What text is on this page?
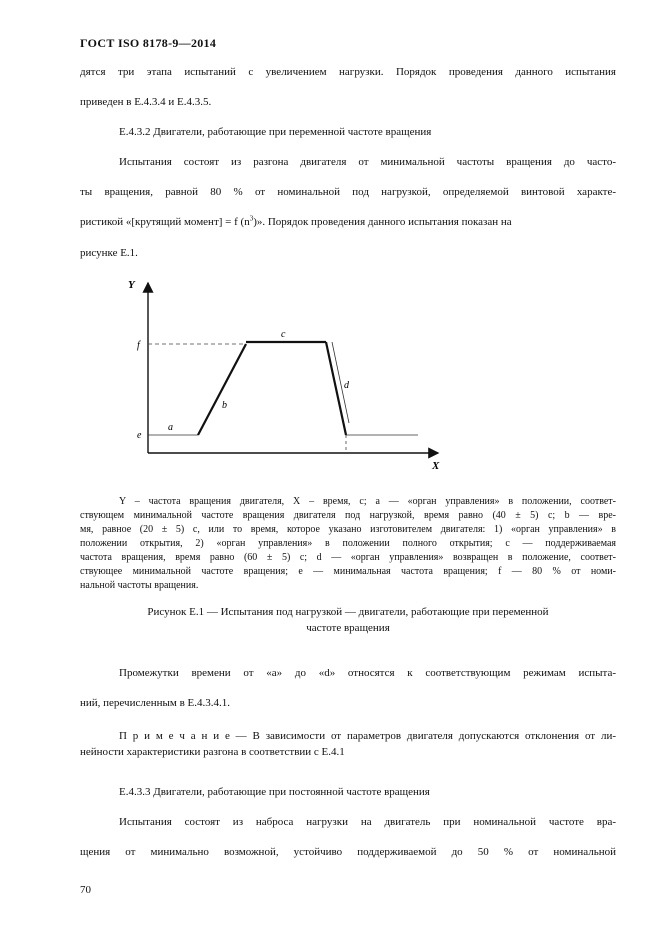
ГОСТ ISO 8178-9—2014
дятся три этапа испытаний с увеличением нагрузки. Порядок проведения данного испытания
приведен в Е.4.3.4 и Е.4.3.5.
Е.4.3.2 Двигатели, работающие при переменной частоте вращения
Испытания состоят из разгона двигателя от минимальной частоты вращения до часто-
ты вращения, равной 80 % от номинальной под нагрузкой, определяемой винтовой характе-
ристикой «[крутящий момент] = f $(n^3)$». Порядок проведения данного испытания показан на
рисунке Е.1.
Y
X
f
e
a
b
c
d
Y – частота вращения двигателя, X – время, с; a — «орган управления» в положении, соответ-
ствующем минимальной частоте вращения двигателя под нагрузкой, время равно (40 ± 5) с; b — вре-
мя, равное (20 ± 5) с, или то время, которое указано изготовителем двигателя: 1) «орган управления» в
положении открытия, 2) «орган управления» в положении полного открытия; c — поддерживаемая
частота вращения, время равно (60 ± 5) с; d — «орган управления» возвращен в положение, соответ-
ствующее минимальной частоте вращения; e — минимальная частота вращения; f — 80 % от номи-
нальной частоты вращения.
Рисунок Е.1 — Испытания под нагрузкой — двигатели, работающие при переменной
частоте вращения
Промежутки времени от «a» до «d» относятся к соответствующим режимам испыта-
ний, перечисленным в Е.4.3.4.1.
П р и м е ч а н и е — В зависимости от параметров двигателя допускаются отклонения от ли-
нейности характеристики разгона в соответствии с Е.4.1
Е.4.3.3 Двигатели, работающие при постоянной частоте вращения
Испытания состоят из наброса нагрузки на двигатель при номинальной частоте вра-
щения от минимально возможной, устойчиво поддерживаемой до 50 % от номинальной
70
